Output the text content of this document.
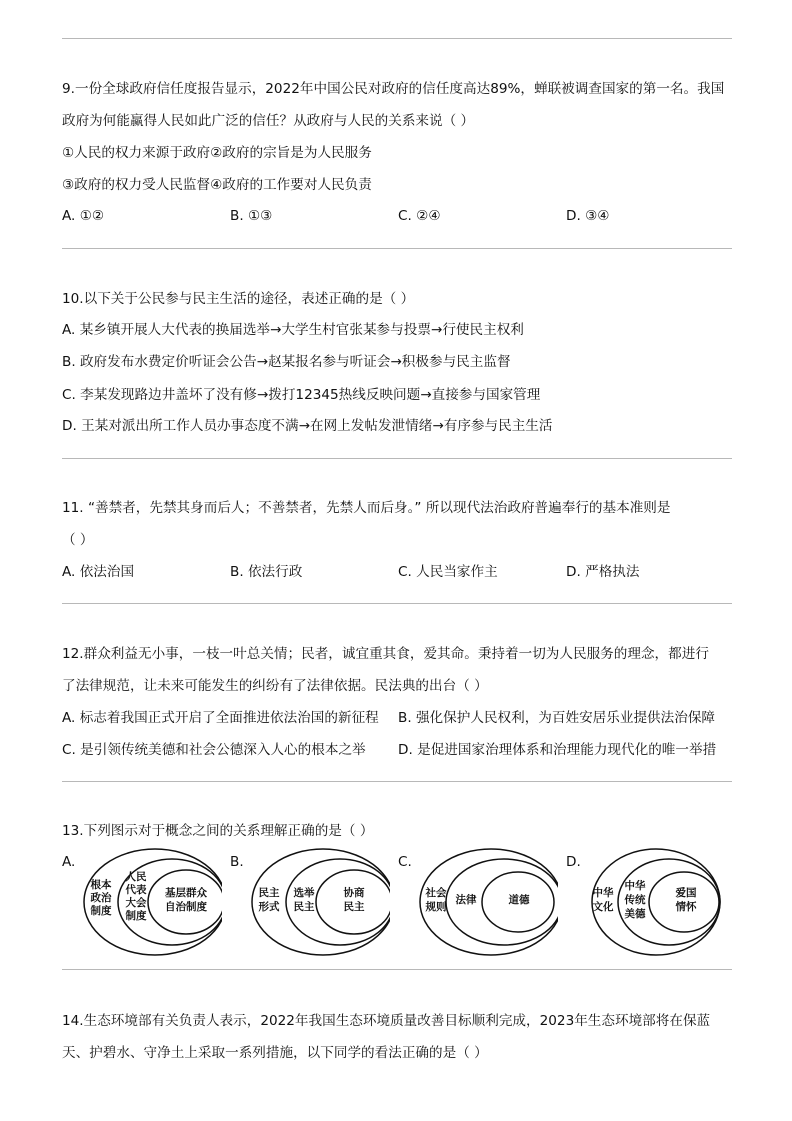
9.一份全球政府信任度报告显示，2022年中国公民对政府的信任度高达89%，蝉联被调查国家的第一名。我国
政府为何能赢得人民如此广泛的信任？从政府与人民的关系来说（ ）
①人民的权力来源于政府②政府的宗旨是为人民服务
③政府的权力受人民监督④政府的工作要对人民负责
A. ①②	B. ①③	C. ②④	D. ③④
10.以下关于公民参与民主生活的途径，表述正确的是（ ）
A. 某乡镇开展人大代表的换届选举→大学生村官张某参与投票→行使民主权利
B. 政府发布水费定价听证会公告→赵某报名参与听证会→积极参与民主监督
C. 李某发现路边井盖坏了没有修→拨打12345热线反映问题→直接参与国家管理
D. 王某对派出所工作人员办事态度不满→在网上发帖发泄情绪→有序参与民主生活
11. “善禁者，先禁其身而后人；不善禁者，先禁人而后身。” 所以现代法治政府普遍奉行的基本准则是
（ ）
A. 依法治国	B. 依法行政	C. 人民当家作主	D. 严格执法
12.群众利益无小事，一枝一叶总关情；民者，诚宜重其食，爱其命。秉持着一切为人民服务的理念，都进行
了法律规范，让未来可能发生的纠纷有了法律依据。民法典的出台（ ）
A. 标志着我国正式开启了全面推进依法治国的新征程 B. 强化保护人民权利，为百姓安居乐业提供法治保障
C. 是引领传统美德和社会公德深入人心的根本之举 D. 是促进国家治理体系和治理能力现代化的唯一举措
13.下列图示对于概念之间的关系理解正确的是（ ）
A.
根本
政治
制度
人民
代表
大会
制度
基层群众
自治制度
B.
民主
形式
选举
民主
协商
民主
C.
社会
规则
法律	道德
D.
中华
文化
中华
传统
美德
爱国
情怀
14.生态环境部有关负责人表示，2022年我国生态环境质量改善目标顺利完成，2023年生态环境部将在保蓝
天、护碧水、守净土上采取一系列措施，以下同学的看法正确的是（ ）
